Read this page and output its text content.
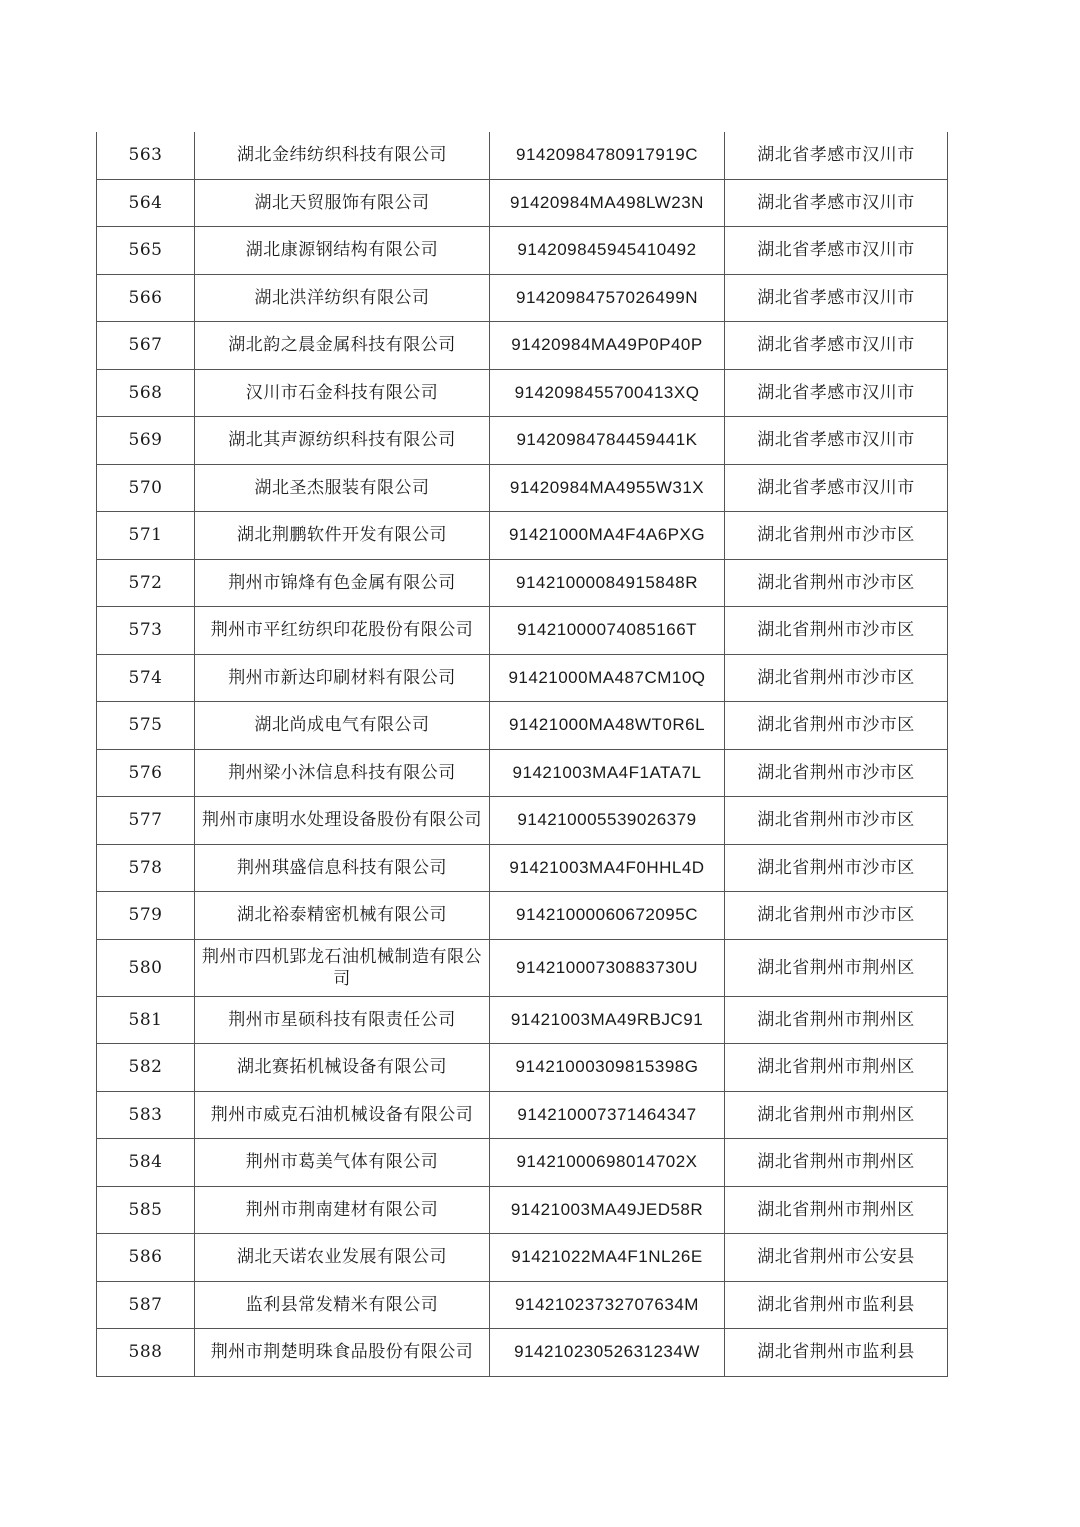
563	湖北金纬纺织科技有限公司	91420984780917919C	湖北省孝感市汉川市
564	湖北天贸服饰有限公司	91420984MA498LW23N	湖北省孝感市汉川市
565	湖北康源钢结构有限公司	914209845945410492	湖北省孝感市汉川市
566	湖北洪洋纺织有限公司	91420984757026499N	湖北省孝感市汉川市
567	湖北韵之晨金属科技有限公司	91420984MA49P0P40P	湖北省孝感市汉川市
568	汉川市石金科技有限公司	9142098455700413XQ	湖北省孝感市汉川市
569	湖北其声源纺织科技有限公司	91420984784459441K	湖北省孝感市汉川市
570	湖北圣杰服装有限公司	91420984MA4955W31X	湖北省孝感市汉川市
571	湖北荆鹏软件开发有限公司	91421000MA4F4A6PXG	湖北省荆州市沙市区
572	荆州市锦烽有色金属有限公司	91421000084915848R	湖北省荆州市沙市区
573	荆州市平红纺织印花股份有限公司	91421000074085166T	湖北省荆州市沙市区
574	荆州市新达印刷材料有限公司	91421000MA487CM10Q	湖北省荆州市沙市区
575	湖北尚成电气有限公司	91421000MA48WT0R6L	湖北省荆州市沙市区
576	荆州梁小沐信息科技有限公司	91421003MA4F1ATA7L	湖北省荆州市沙市区
577	荆州市康明水处理设备股份有限公司	914210005539026379	湖北省荆州市沙市区
578	荆州琪盛信息科技有限公司	91421003MA4F0HHL4D	湖北省荆州市沙市区
579	湖北裕泰精密机械有限公司	91421000060672095C	湖北省荆州市沙市区
580	荆州市四机郢龙石油机械制造有限公司	91421000730883730U	湖北省荆州市荆州区
581	荆州市星硕科技有限责任公司	91421003MA49RBJC91	湖北省荆州市荆州区
582	湖北赛拓机械设备有限公司	91421000309815398G	湖北省荆州市荆州区
583	荆州市威克石油机械设备有限公司	914210007371464347	湖北省荆州市荆州区
584	荆州市葛美气体有限公司	91421000698014702X	湖北省荆州市荆州区
585	荆州市荆南建材有限公司	91421003MA49JED58R	湖北省荆州市荆州区
586	湖北天诺农业发展有限公司	91421022MA4F1NL26E	湖北省荆州市公安县
587	监利县常发精米有限公司	91421023732707634M	湖北省荆州市监利县
588	荆州市荆楚明珠食品股份有限公司	91421023052631234W	湖北省荆州市监利县
